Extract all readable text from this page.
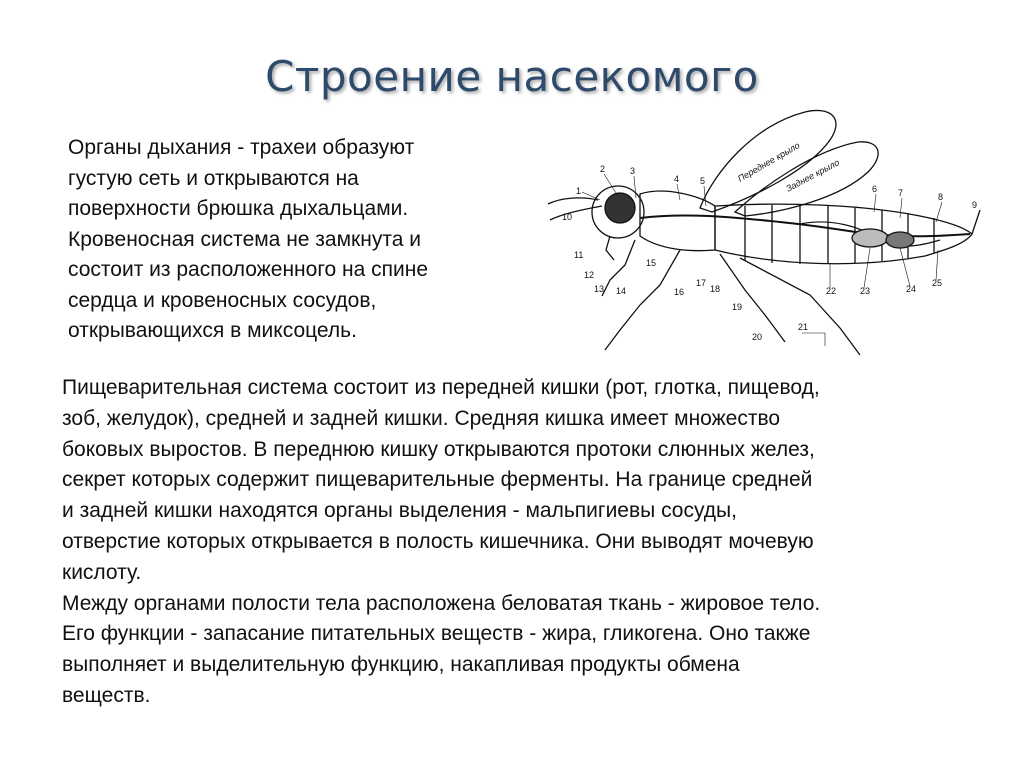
Строение насекомого
Органы дыхания - трахеи образуют
густую сеть и открываются на
поверхности брюшка дыхальцами.
Кровеносная система не замкнута и
состоит из расположенного на спине
сердца и кровеносных сосудов,
открывающихся в миксоцель.
Переднее крыло
Заднее крыло
1
2	3
4 5
6 7	8
9
10
11
12
13 14
15
16
17
18
19
20
21
22	23	24
25
Пищеварительная система состоит из передней кишки (рот, глотка, пищевод,
зоб, желудок), средней и задней кишки. Средняя кишка имеет множество
боковых выростов. В переднюю кишку открываются протоки слюнных желез,
секрет которых содержит пищеварительные ферменты. На границе средней
и задней кишки находятся органы выделения - мальпигиевы сосуды,
отверстие которых открывается в полость кишечника. Они выводят мочевую
кислоту.
Между органами полости тела расположена беловатая ткань - жировое тело.
Его функции - запасание питательных веществ - жира, гликогена. Оно также
выполняет и выделительную функцию, накапливая продукты обмена
веществ.
